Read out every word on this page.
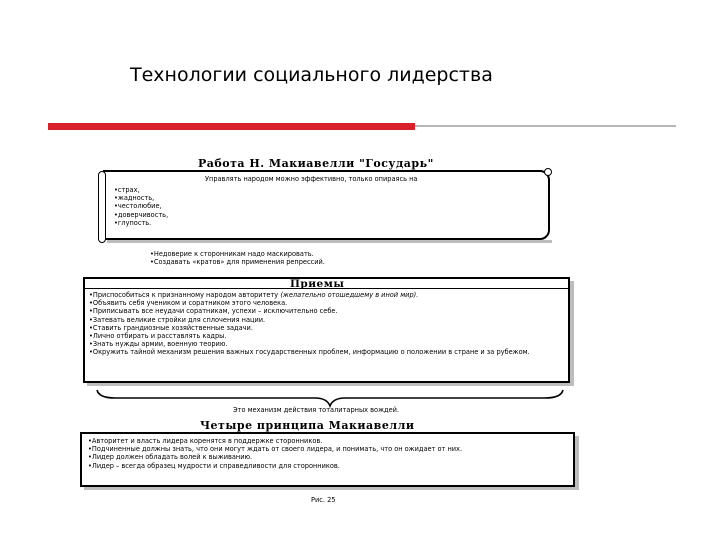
Технологии социального лидерства
Работа Н. Макиавелли "Государь"
Управлять народом можно эффективно, только опираясь на
•страх,
•жадность,
•честолюбие,
•доверчивость,
•глупость.
•Недоверие к сторонникам надо маскировать.
•Создавать «кратов» для применения репрессий.
Приемы
•Приспособиться к признанному народом авторитету (желательно отошедшему в иной мир).
•Объявить себя учеником и соратником этого человека.
•Приписывать все неудачи соратникам, успехи – исключительно себе.
•Затевать великие стройки для сплочения нации.
•Ставить грандиозные хозяйственные задачи.
•Лично отбирать и расставлять кадры.
•Знать нужды армии, военную теорию.
•Окружить тайной механизм решения важных государственных проблем, информацию о положении в стране и за рубежом.
Это механизм действия тоталитарных вождей.
Четыре принципа Макиавелли
•Авторитет и власть лидера коренятся в поддержке сторонников.
•Подчиненные должны знать, что они могут ждать от своего лидера, и понимать, что он ожидает от них.
•Лидер должен обладать волей к выживанию.
•Лидер – всегда образец мудрости и справедливости для сторонников.
Рис. 25
